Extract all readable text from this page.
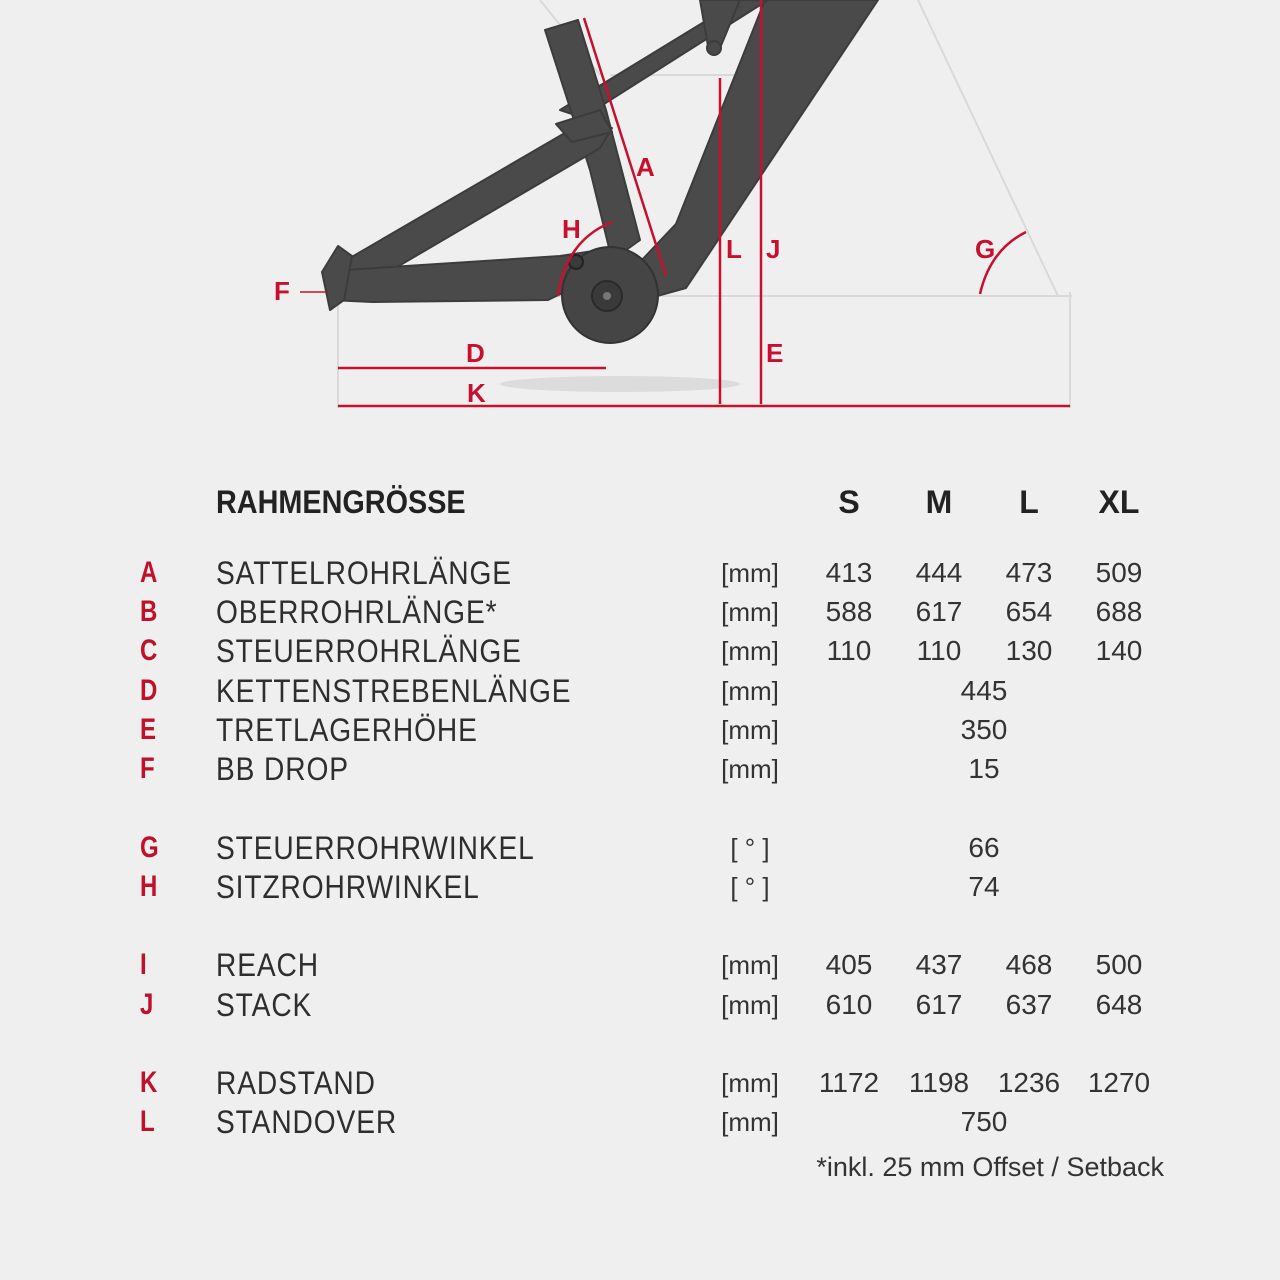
A
H
L J	G
F
D	E
K
RAHMENGRÖSSE	S	M	L	XL
A SATTELROHRLÄNGE	[mm]	413	444	473	509
B OBERROHRLÄNGE*	[mm]	588	617	654	688
C STEUERROHRLÄNGE	[mm]	110	110	130	140
D KETTENSTREBENLÄNGE	[mm]	445
E TRETLAGERHÖHE	[mm]	350
F BB DROP	[mm]	15
G STEUERROHRWINKEL	[ ° ]	66
H SITZROHRWINKEL	[ ° ]	74
I	REACH	[mm]	405	437	468	500
J	STACK	[mm]	610	617	637	648
K RADSTAND	[mm]	1172	1198	1236 1270
L STANDOVER	[mm]	750
*inkl. 25 mm Offset / Setback
